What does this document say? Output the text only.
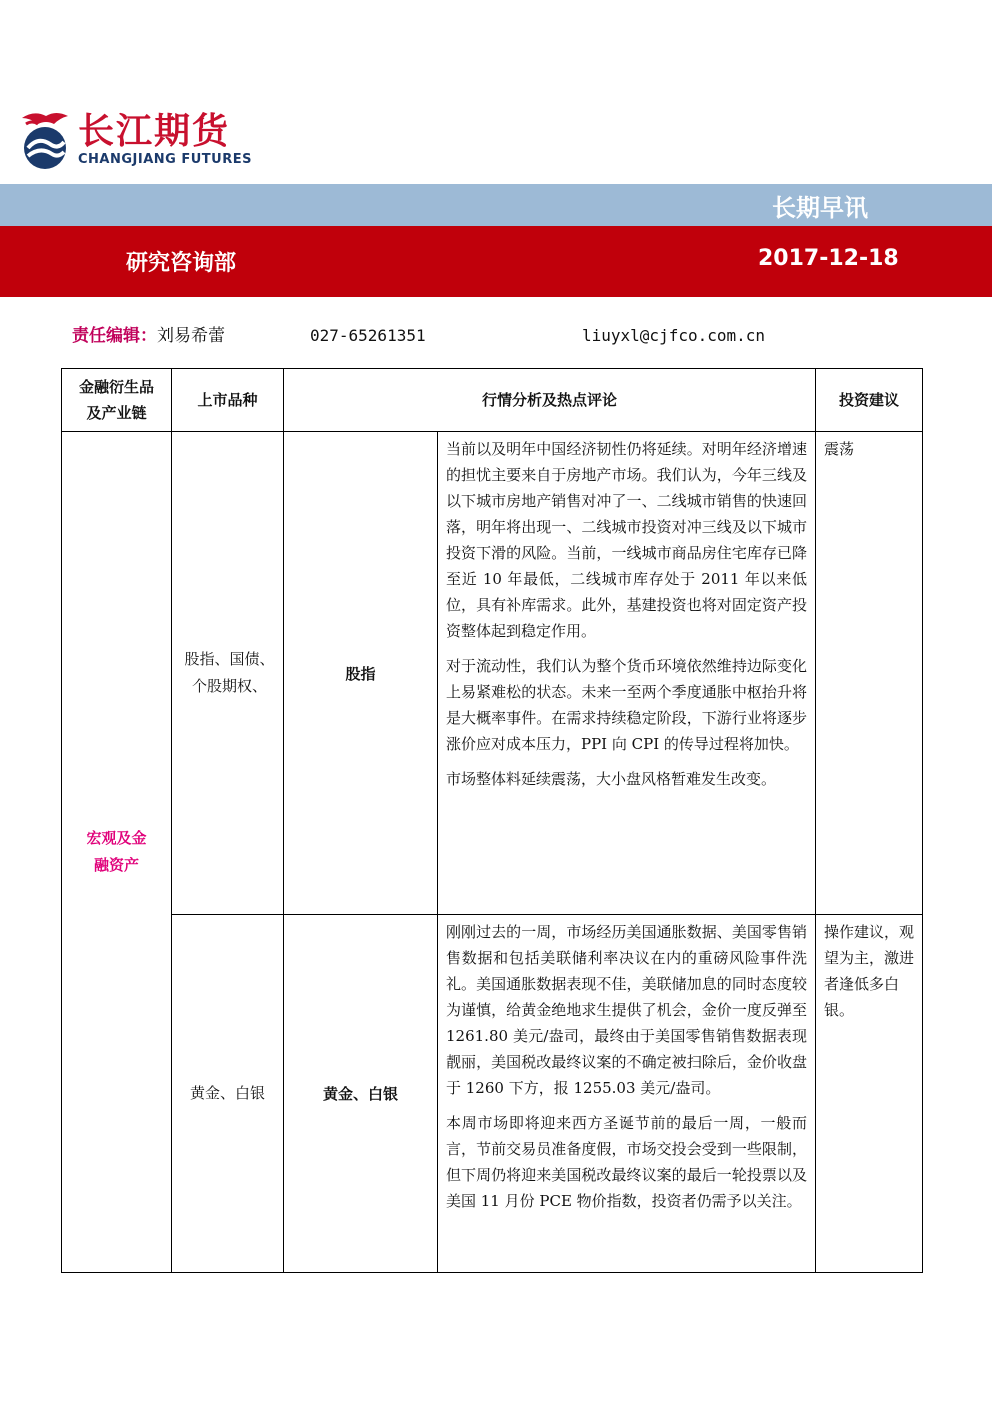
长江期货
CHANGJIANG FUTURES
长期早讯
研究咨询部	2017-12-18
责任编辑：刘易希蕾	027-65261351	liuyxl@cjfco.com.cn
金融衍生品及产业链	上市品种	行情分析及热点评论		投资建议

宏观及金融资产	股指、国债、个股期权、	股指	当前以及明年中国经济韧性仍将延续。对明年经济增速的担忧主要来自于房地产市场。我们认为，今年三线及以下城市房地产销售对冲了一、二线城市销售的快速回落，明年将出现一、二线城市投资对冲三线及以下城市投资下滑的风险。当前，一线城市商品房住宅库存已降至近 10 年最低，二线城市库存处于 2011 年以来低位，具有补库需求。此外，基建投资也将对固定资产投资整体起到稳定作用。

对于流动性，我们认为整个货币环境依然维持边际变化上易紧难松的状态。未来一至两个季度通胀中枢抬升将是大概率事件。在需求持续稳定阶段，下游行业将逐步涨价应对成本压力，PPI 向 CPI 的传导过程将加快。

市场整体料延续震荡，大小盘风格暂难发生改变。	震荡
	黄金、白银	黄金、白银	刚刚过去的一周，市场经历美国通胀数据、美国零售销售数据和包括美联储利率决议在内的重磅风险事件洗礼。美国通胀数据表现不佳，美联储加息的同时态度较为谨慎，给黄金绝地求生提供了机会，金价一度反弹至 1261.80 美元/盎司，最终由于美国零售销售数据表现靓丽，美国税改最终议案的不确定被扫除后，金价收盘于 1260 下方，报 1255.03 美元/盎司。

本周市场即将迎来西方圣诞节前的最后一周，一般而言，节前交易员准备度假，市场交投会受到一些限制，但下周仍将迎来美国税改最终议案的最后一轮投票以及美国 11 月份 PCE 物价指数，投资者仍需予以关注。	操作建议，观望为主，激进者逢低多白银。
